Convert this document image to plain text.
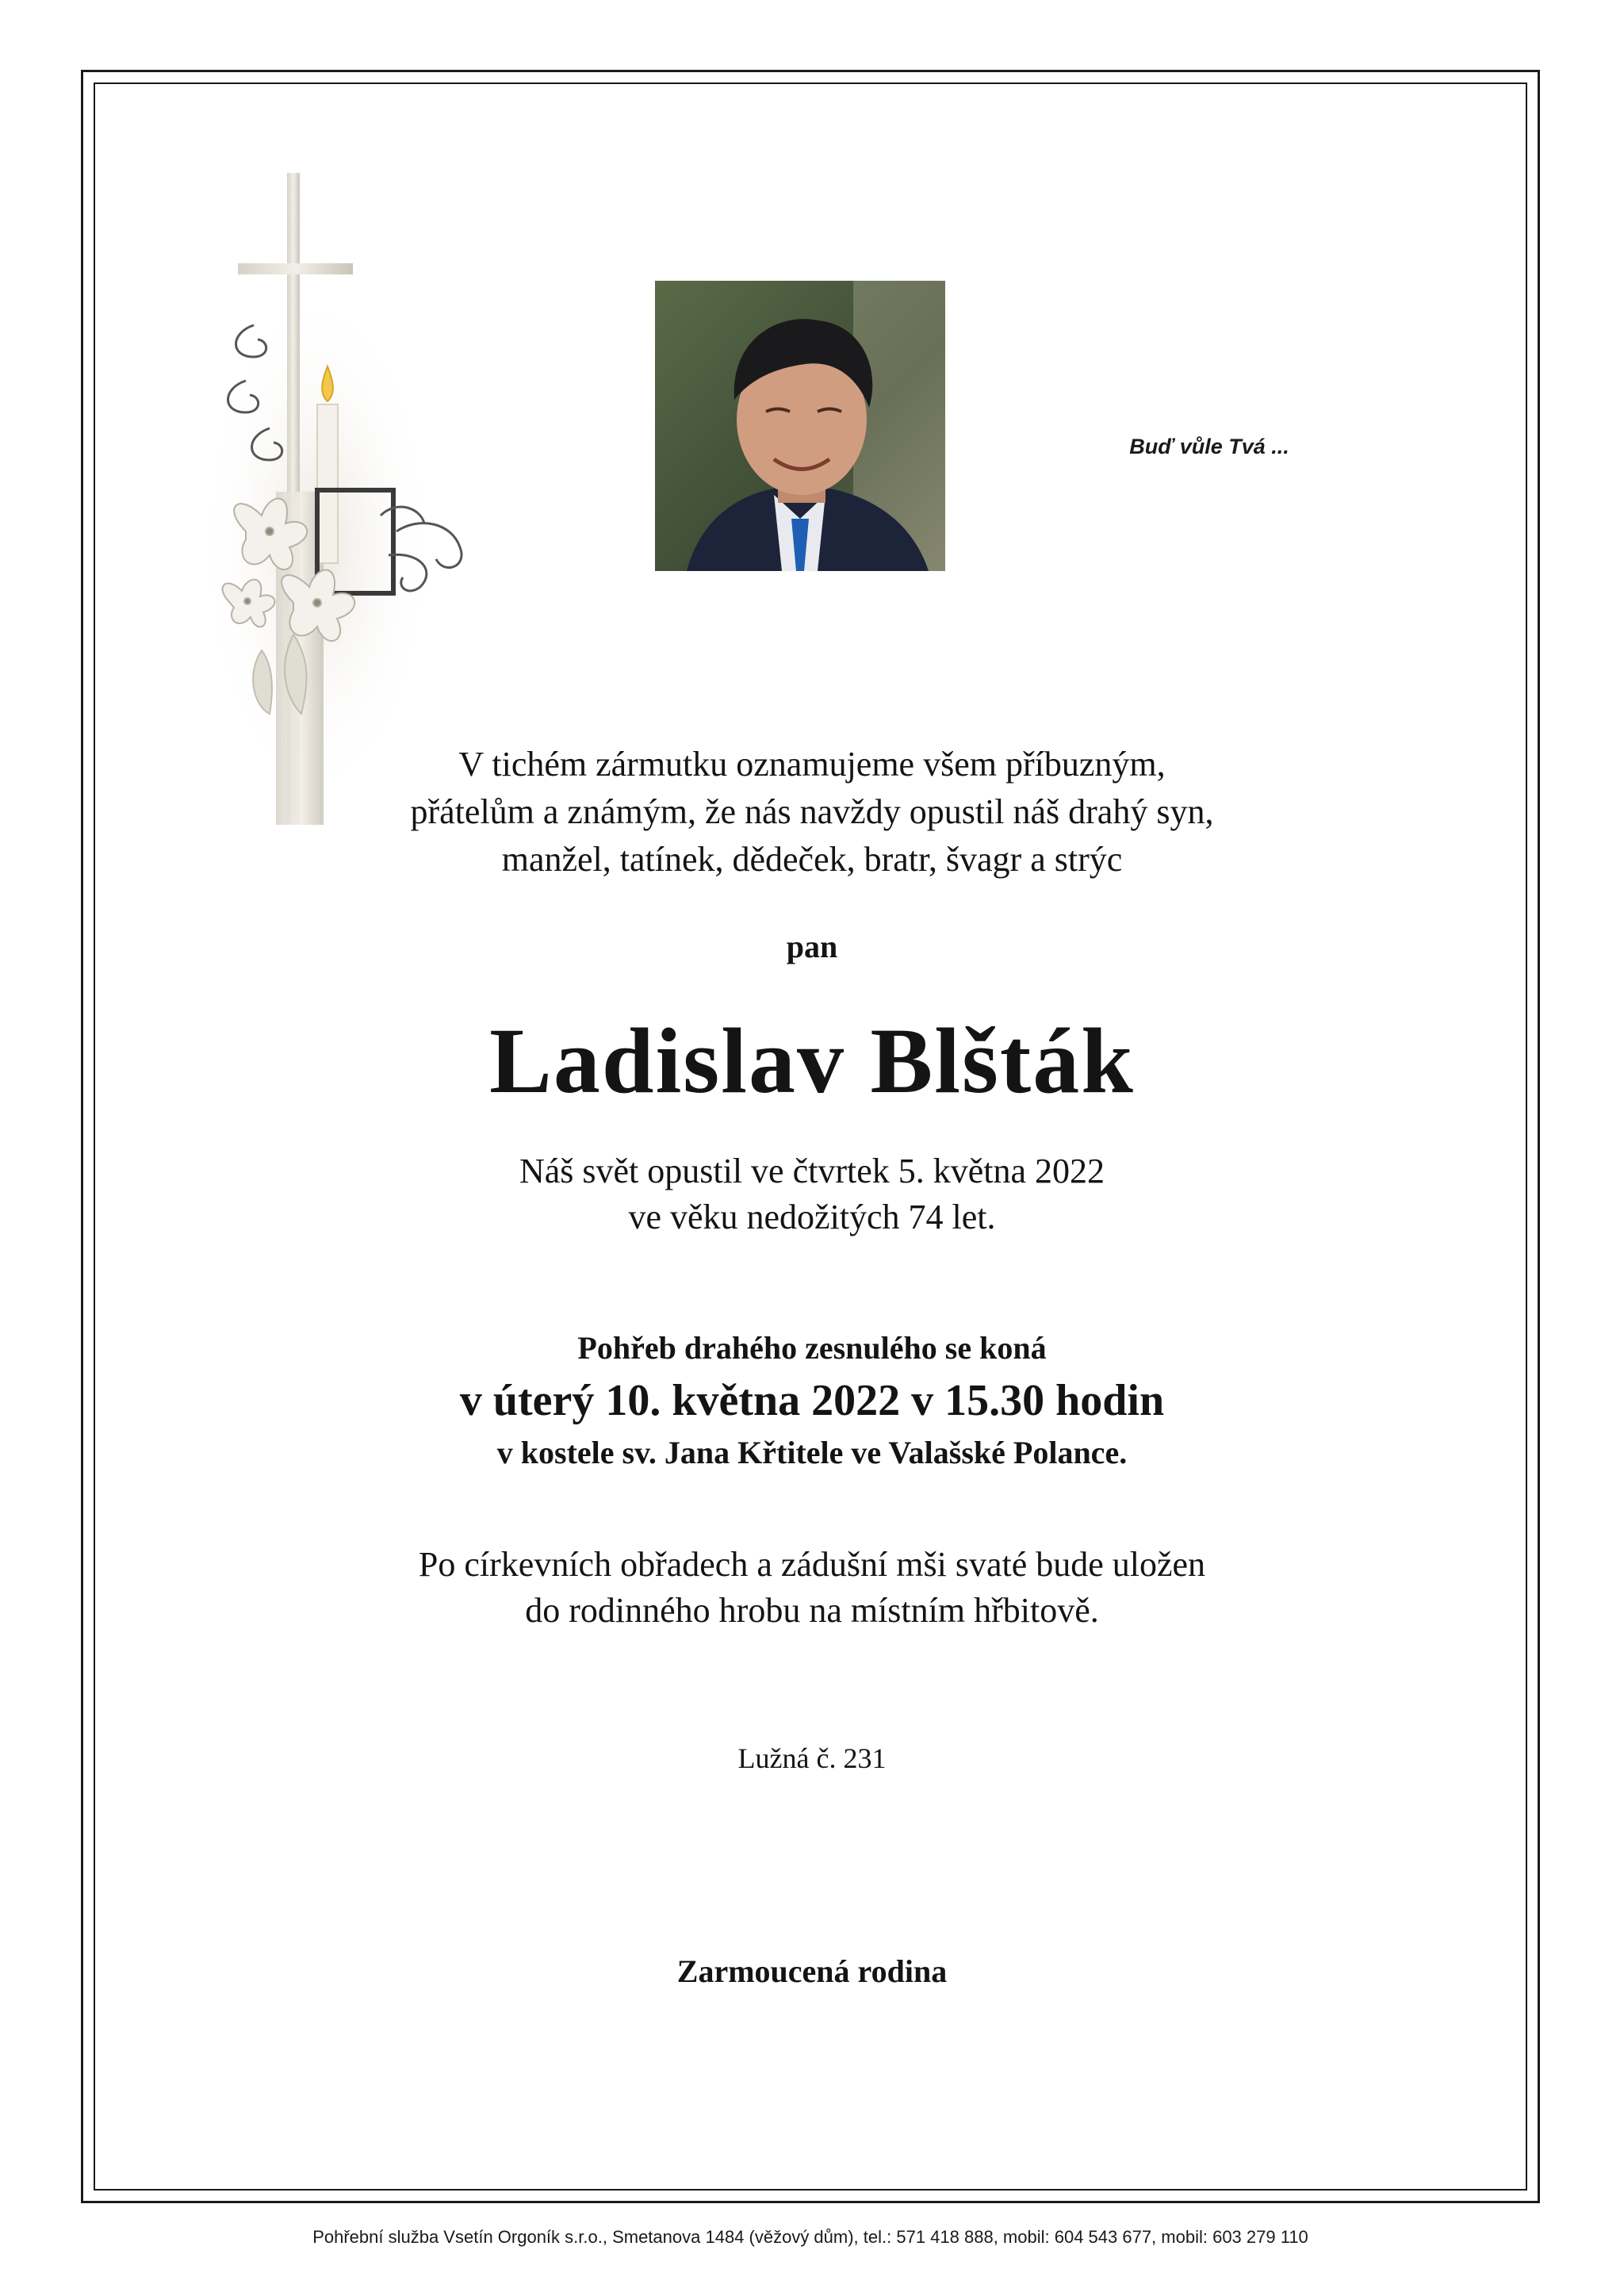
Buď vůle Tvá ...
V tichém zármutku oznamujeme všem příbuzným,
přátelům a známým, že nás navždy opustil náš drahý syn,
manžel, tatínek, dědeček, bratr, švagr a strýc
pan
Ladislav Blšták
Náš svět opustil ve čtvrtek 5. května 2022
ve věku nedožitých 74 let.
Pohřeb drahého zesnulého se koná
v úterý 10. května 2022 v 15.30 hodin
v kostele sv. Jana Křtitele ve Valašské Polance.
Po církevních obřadech a zádušní mši svaté bude uložen
do rodinného hrobu na místním hřbitově.
Lužná č. 231
Zarmoucená rodina
Pohřební služba Vsetín Orgoník s.r.o., Smetanova 1484 (věžový dům), tel.: 571 418 888, mobil: 604 543 677, mobil: 603 279 110
